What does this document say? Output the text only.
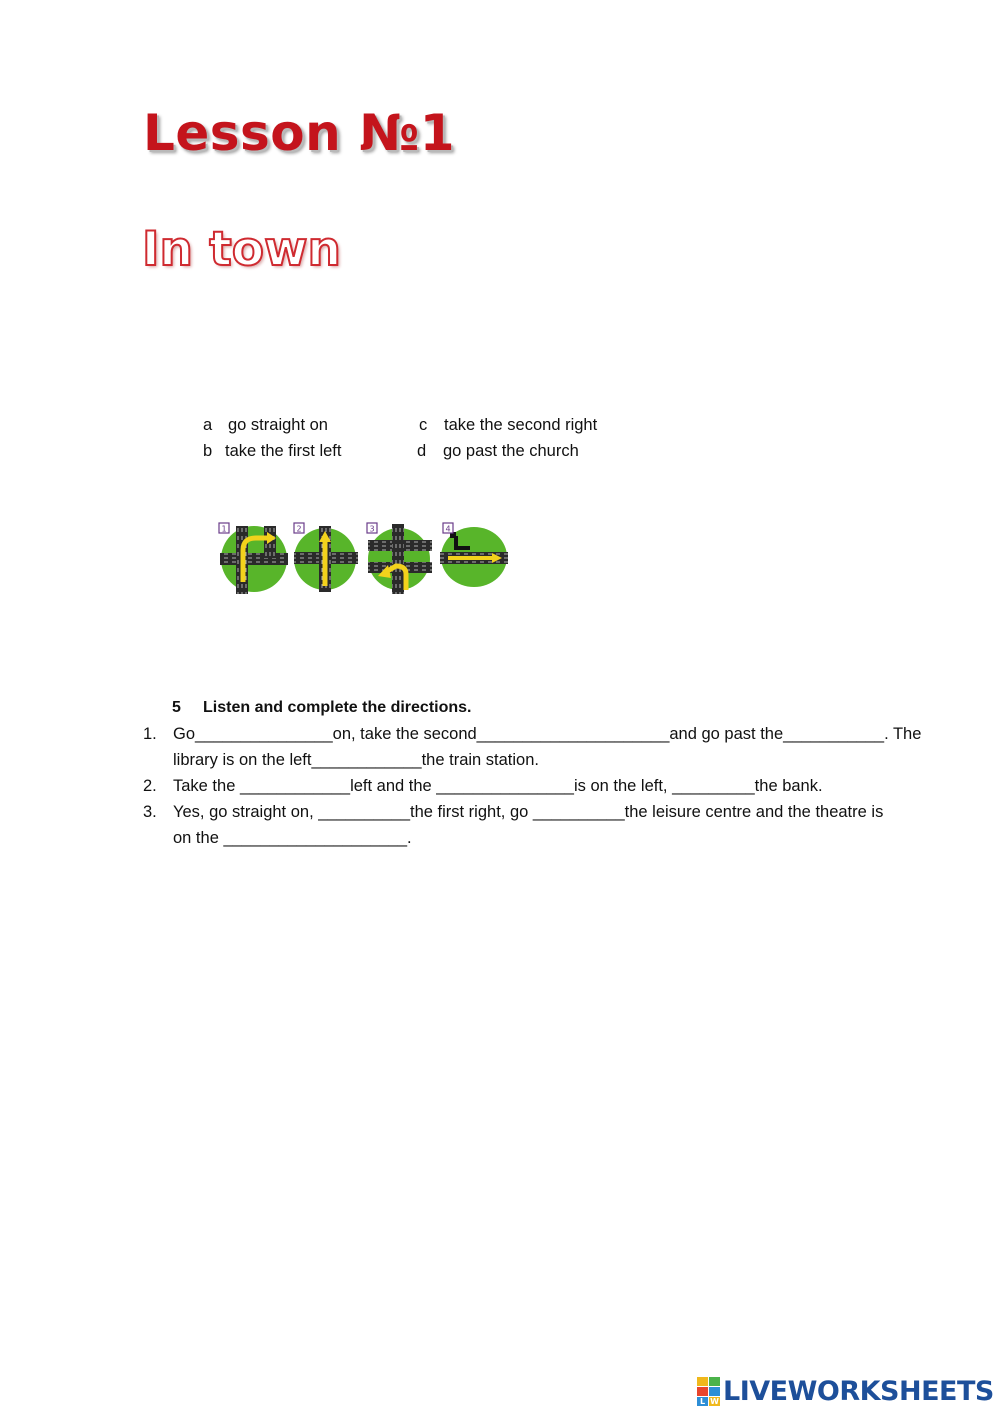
Lesson №1
In town
a go straight on
b take the first left
c take the second right
d go past the church
1	2	3	4
5 Listen and complete the directions.
1. Go_______________on, take the second_____________________and go past the___________. The
library is on the left____________the train station.
2. Take the ____________left and the _______________is on the left, _________the bank.
3. Yes, go straight on, __________the first right, go __________the leisure centre and the theatre is
on the ____________________.
L W LIVEWORKSHEETS
